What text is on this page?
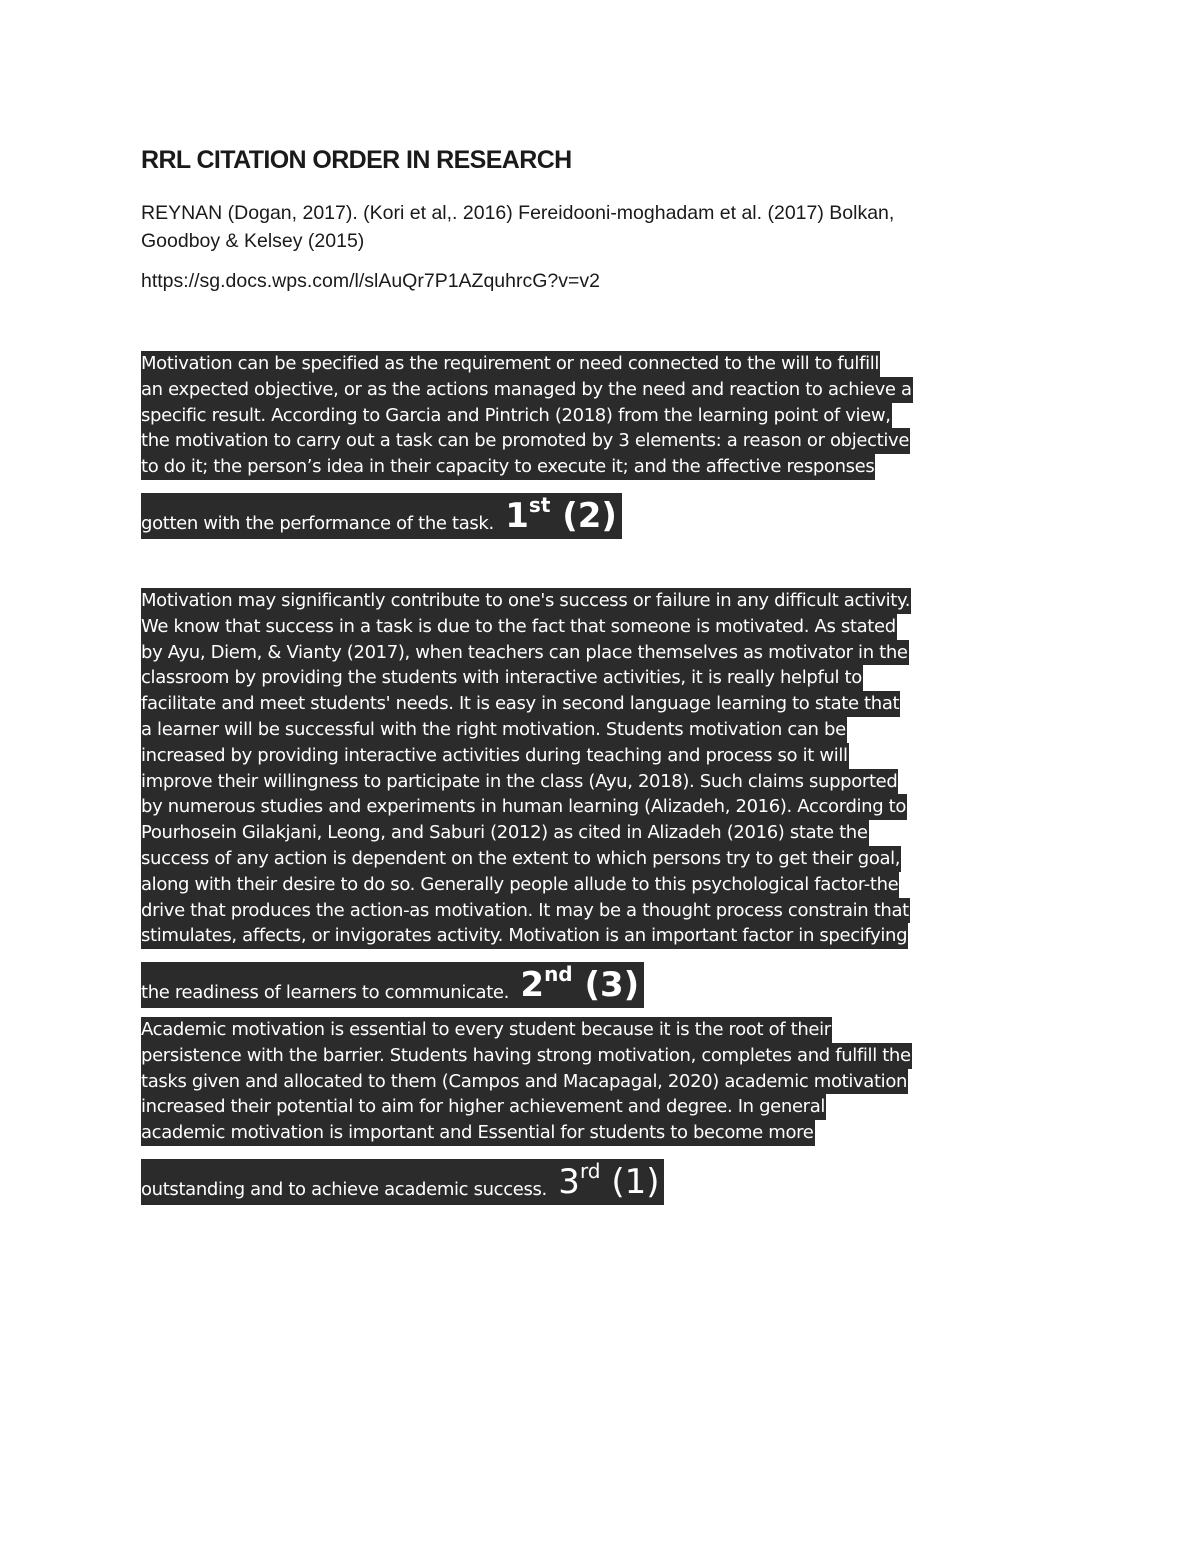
RRL CITATION ORDER IN RESEARCH

REYNAN (Dogan, 2017). (Kori et al,. 2016) Fereidooni-moghadam et al. (2017) Bolkan,
Goodboy & Kelsey (2015)

https://sg.docs.wps.com/l/slAuQr7P1AZquhrcG?v=v2

Motivation can be specified as the requirement or need connected to the will to fulfill
an expected objective, or as the actions managed by the need and reaction to achieve a
specific result. According to Garcia and Pintrich (2018) from the learning point of view,
the motivation to carry out a task can be promoted by 3 elements: a reason or objective
to do it; the person’s idea in their capacity to execute it; and the affective responses
gotten with the performance of the task. 1st (2)
Motivation may significantly contribute to one's success or failure in any difficult activity.
We know that success in a task is due to the fact that someone is motivated. As stated
by Ayu, Diem, & Vianty (2017), when teachers can place themselves as motivator in the
classroom by providing the students with interactive activities, it is really helpful to
facilitate and meet students' needs. It is easy in second language learning to state that
a learner will be successful with the right motivation. Students motivation can be
increased by providing interactive activities during teaching and process so it will
improve their willingness to participate in the class (Ayu, 2018). Such claims supported
by numerous studies and experiments in human learning (Alizadeh, 2016). According to
Pourhosein Gilakjani, Leong, and Saburi (2012) as cited in Alizadeh (2016) state the
success of any action is dependent on the extent to which persons try to get their goal,
along with their desire to do so. Generally people allude to this psychological factor-the
drive that produces the action-as motivation. It may be a thought process constrain that
stimulates, affects, or invigorates activity. Motivation is an important factor in specifying
the readiness of learners to communicate. 2nd (3)
Academic motivation is essential to every student because it is the root of their
persistence with the barrier. Students having strong motivation, completes and fulfill the
tasks given and allocated to them (Campos and Macapagal, 2020) academic motivation
increased their potential to aim for higher achievement and degree. In general
academic motivation is important and Essential for students to become more
outstanding and to achieve academic success. 3rd (1)
